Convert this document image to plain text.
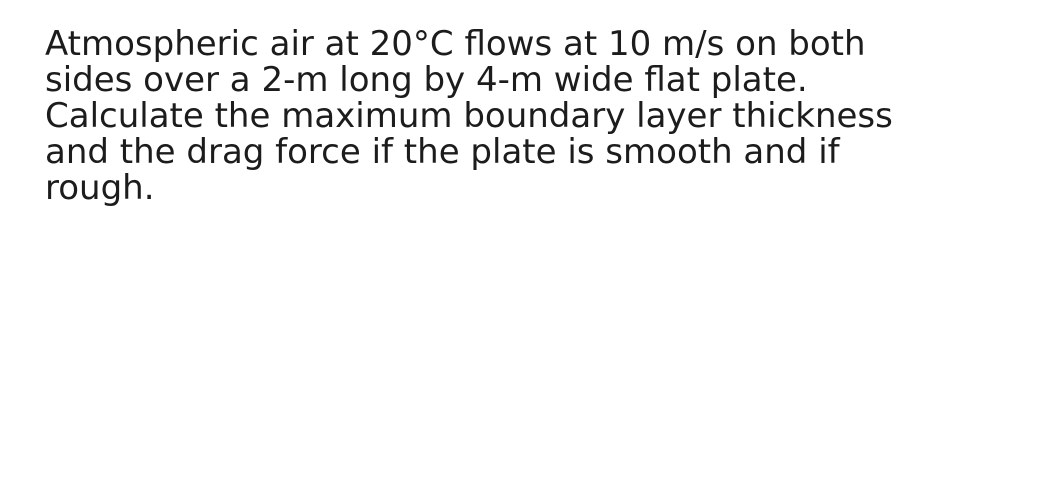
Atmospheric air at 20°C flows at 10 m/s on both
sides over a 2-m long by 4-m wide flat plate.
Calculate the maximum boundary layer thickness
and the drag force if the plate is smooth and if
rough.
